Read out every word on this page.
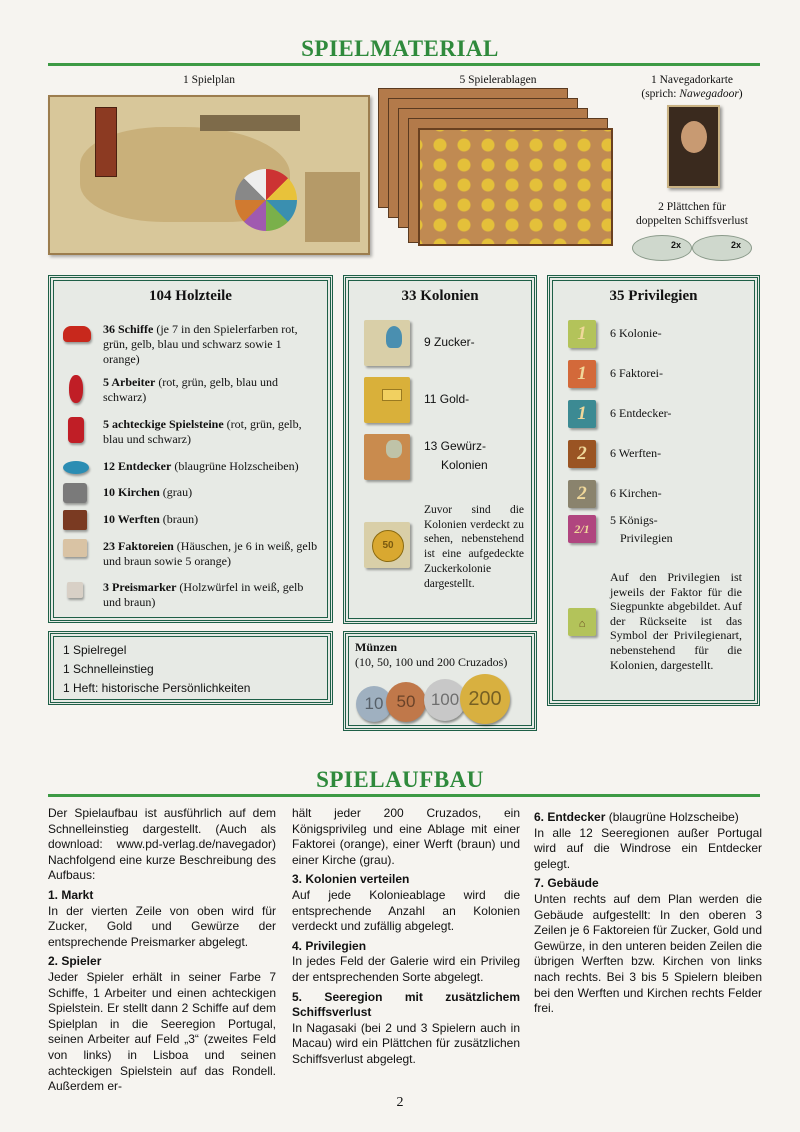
SPIELMATERIAL
1 Spielplan	5 Spielerablagen	1 Navegadorkarte
(sprich: Nawegadoor)
2 Plättchen für
doppelten Schiffsverlust
2x	2x
104 Holzteile
36 Schiffe (je 7 in den Spielerfarben rot, grün, gelb, blau und schwarz sowie 1 orange)
5 Arbeiter (rot, grün, gelb, blau und schwarz)
5 achteckige Spielsteine (rot, grün, gelb, blau und schwarz)
12 Entdecker (blaugrüne Holzscheiben)
10 Kirchen (grau)
10 Werften (braun)
23 Faktoreien (Häuschen, je 6 in weiß, gelb und braun sowie 5 orange)
3 Preismarker (Holzwürfel in weiß, gelb und braun)
33 Kolonien
9 Zucker-
11 Gold-
13 Gewürz-
Kolonien
50
Zuvor sind die Kolonien verdeckt zu sehen, nebenstehend ist eine aufgedeckte Zuckerkolonie dargestellt.
35 Privilegien
1	6 Kolonie-
1	6 Faktorei-
1	6 Entdecker-
2	6 Werften-
2	6 Kirchen-
2/1
5 Königs-
Privilegien
⌂
Auf den Privilegien ist jeweils der Faktor für die Siegpunkte abgebildet. Auf der Rückseite ist das Symbol der Privilegienart, nebenstehend für die Kolonien, dargestellt.
1 Spielregel
1 Schnelleinstieg
1 Heft: historische Persönlichkeiten
Münzen
(10, 50, 100 und 200 Cruzados)
10 50 100 200
SPIELAUFBAU

Der Spielaufbau ist ausführlich auf dem Schnelleinstieg dargestellt. (Auch als download: www.pd-verlag.de/navegador) Nachfolgend eine kurze Beschreibung des Aufbaus:

1. Markt

In der vierten Zeile von oben wird für Zucker, Gold und Gewürze der entsprechende Preismarker abgelegt.

2. Spieler

Jeder Spieler erhält in seiner Farbe 7 Schiffe, 1 Arbeiter und einen achteckigen Spielstein. Er stellt dann 2 Schiffe auf dem Spielplan in die Seeregion Portugal, seinen Arbeiter auf Feld „3“ (zweites Feld von links) in Lisboa und seinen achteckigen Spielstein auf das Rondell. Außerdem er-

hält jeder 200 Cruzados, ein Königsprivileg und eine Ablage mit einer Faktorei (orange), einer Werft (braun) und einer Kirche (grau).

3. Kolonien verteilen

Auf jede Kolonieablage wird die entsprechende Anzahl an Kolonien verdeckt und zufällig abgelegt.

4. Privilegien

In jedes Feld der Galerie wird ein Privileg der entsprechenden Sorte abgelegt.

5. Seeregion mit zusätzlichem Schiffsverlust

In Nagasaki (bei 2 und 3 Spielern auch in Macau) wird ein Plättchen für zusätzlichen Schiffsverlust abgelegt.

6. Entdecker (blaugrüne Holzscheibe)

In alle 12 Seeregionen außer Portugal wird auf die Windrose ein Entdecker gelegt.

7. Gebäude

Unten rechts auf dem Plan werden die Gebäude aufgestellt: In den oberen 3 Zeilen je 6 Faktoreien für Zucker, Gold und Gewürze, in den unteren beiden Zeilen die übrigen Werften bzw. Kirchen von links nach rechts. Bei 3 bis 5 Spielern bleiben bei den Werften und Kirchen rechts Felder frei.

2
